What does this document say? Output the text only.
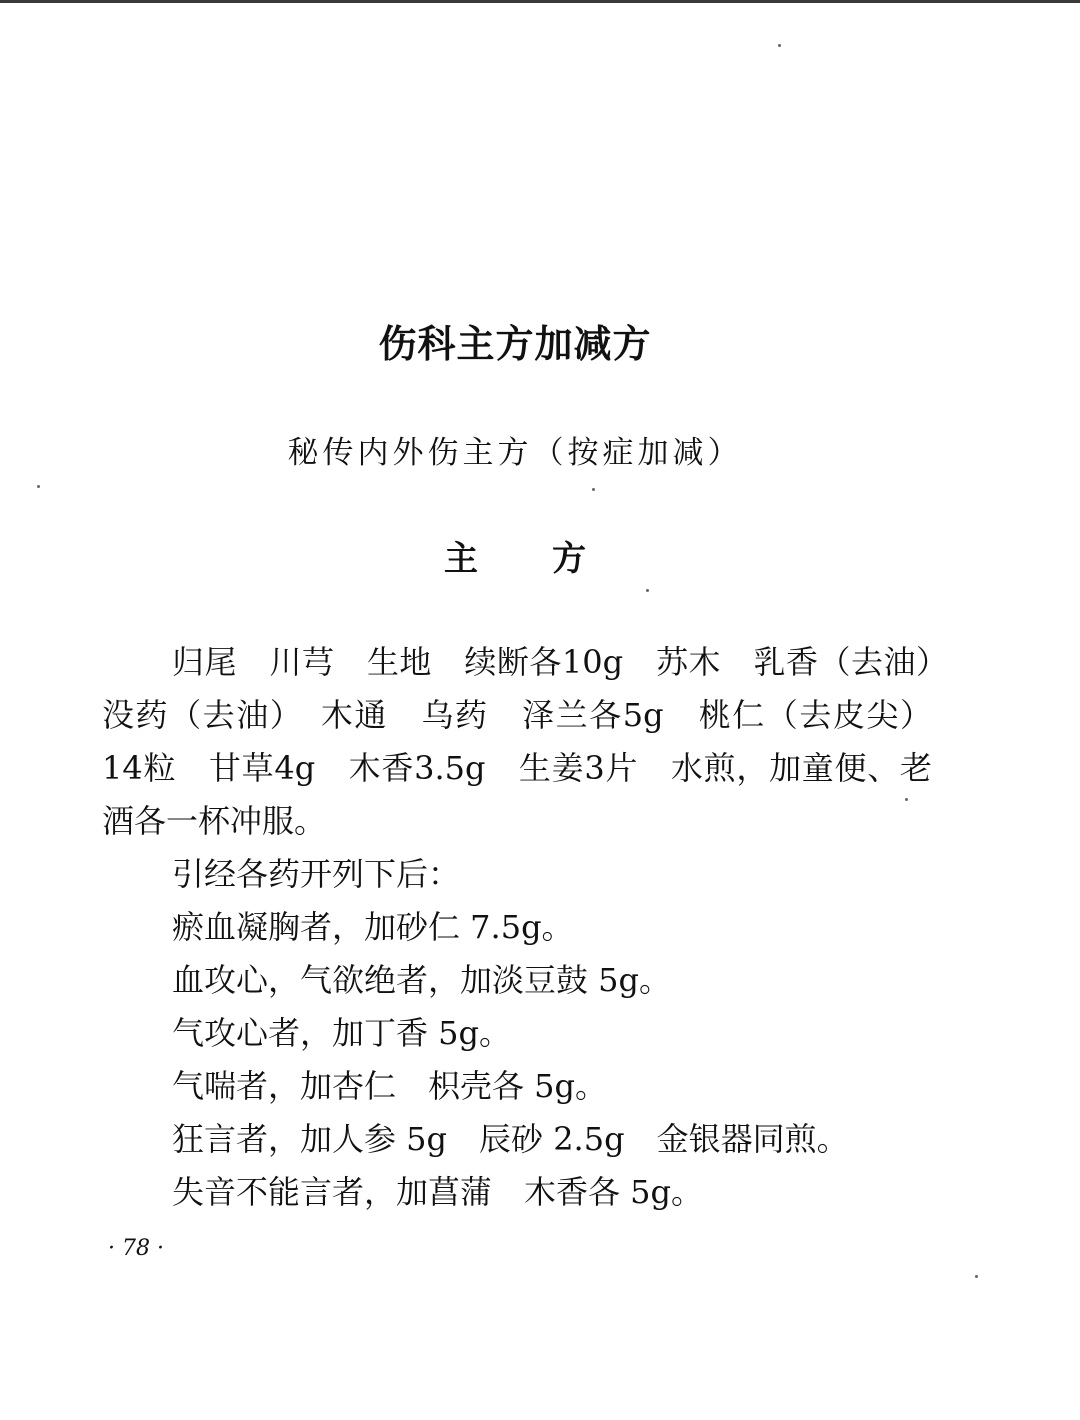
伤科主方加减方
秘传内外伤主方（按症加减）
主 方

归尾　川芎　生地　续断各10g　苏木　乳香（去油）　没药（去油）　木通　乌药　泽兰各5g　桃仁（去皮尖）14粒　甘草4g　木香3.5g　生姜3片　水煎，加童便、老酒各一杯冲服。

引经各药开列下后：
瘀血凝胸者，加砂仁 7.5g。
血攻心，气欲绝者，加淡豆鼓 5g。
气攻心者，加丁香 5g。
气喘者，加杏仁　枳壳各 5g。
狂言者，加人参 5g　辰砂 2.5g　金银器同煎。
失音不能言者，加菖蒲　木香各 5g。
· 78 ·
